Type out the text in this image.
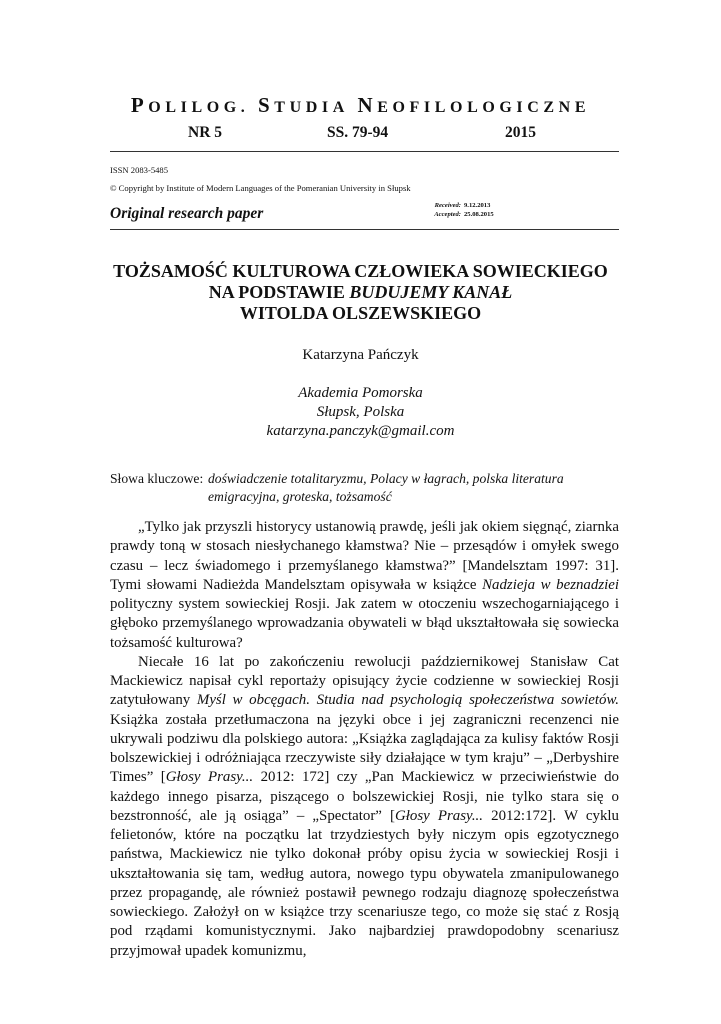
POLILOG. STUDIA NEOFILOLOGICZNE
NR 5	SS. 79-94	2015
ISSN 2083-5485
© Copyright by Institute of Modern Languages of the Pomeranian University in Słupsk
Original research paper	Received: 9.12.2013
Accepted: 25.08.2015
TOŻSAMOŚĆ KULTUROWA CZŁOWIEKA SOWIECKIEGO
NA PODSTAWIE BUDUJEMY KANAŁ
WITOLDA OLSZEWSKIEGO
Katarzyna Pańczyk
Akademia Pomorska
Słupsk, Polska
katarzyna.panczyk@gmail.com
Słowa kluczowe: doświadczenie totalitaryzmu, Polacy w łagrach, polska literatura emigracyjna, groteska, tożsamość

„Tylko jak przyszli historycy ustanowią prawdę, jeśli jak okiem sięgnąć, ziarnka prawdy toną w stosach niesłychanego kłamstwa? Nie – przesądów i omyłek swego czasu – lecz świadomego i przemyślanego kłamstwa?” [Mandelsztam 1997: 31]. Tymi słowami Nadieżda Mandelsztam opisywała w książce Nadzieja w beznadziei polityczny system sowieckiej Rosji. Jak zatem w otoczeniu wszechogarniającego i głęboko przemyślanego wprowadzania obywateli w błąd ukształtowała się sowiecka tożsamość kulturowa?

Niecałe 16 lat po zakończeniu rewolucji październikowej Stanisław Cat Mackiewicz napisał cykl reportaży opisujący życie codzienne w sowieckiej Rosji zatytułowany Myśl w obcęgach. Studia nad psychologią społeczeństwa sowietów. Książka została przetłumaczona na języki obce i jej zagraniczni recenzenci nie ukrywali podziwu dla polskiego autora: „Książka zaglądająca za kulisy faktów Rosji bolszewickiej i odróżniająca rzeczywiste siły działające w tym kraju” – „Derbyshire Times” [Głosy Prasy... 2012: 172] czy „Pan Mackiewicz w przeciwieństwie do każdego innego pisarza, piszącego o bolszewickiej Rosji, nie tylko stara się o bezstronność, ale ją osiąga” – „Spectator” [Głosy Prasy... 2012:172]. W cyklu felietonów, które na początku lat trzydziestych były niczym opis egzotycznego państwa, Mackiewicz nie tylko dokonał próby opisu życia w sowieckiej Rosji i ukształtowania się tam, według autora, nowego typu obywatela zmanipulowanego przez propagandę, ale również postawił pewnego rodzaju diagnozę społeczeństwa sowieckiego. Założył on w książce trzy scenariusze tego, co może się stać z Rosją pod rządami komunistycznymi. Jako najbardziej prawdopodobny scenariusz przyjmował upadek komunizmu,
